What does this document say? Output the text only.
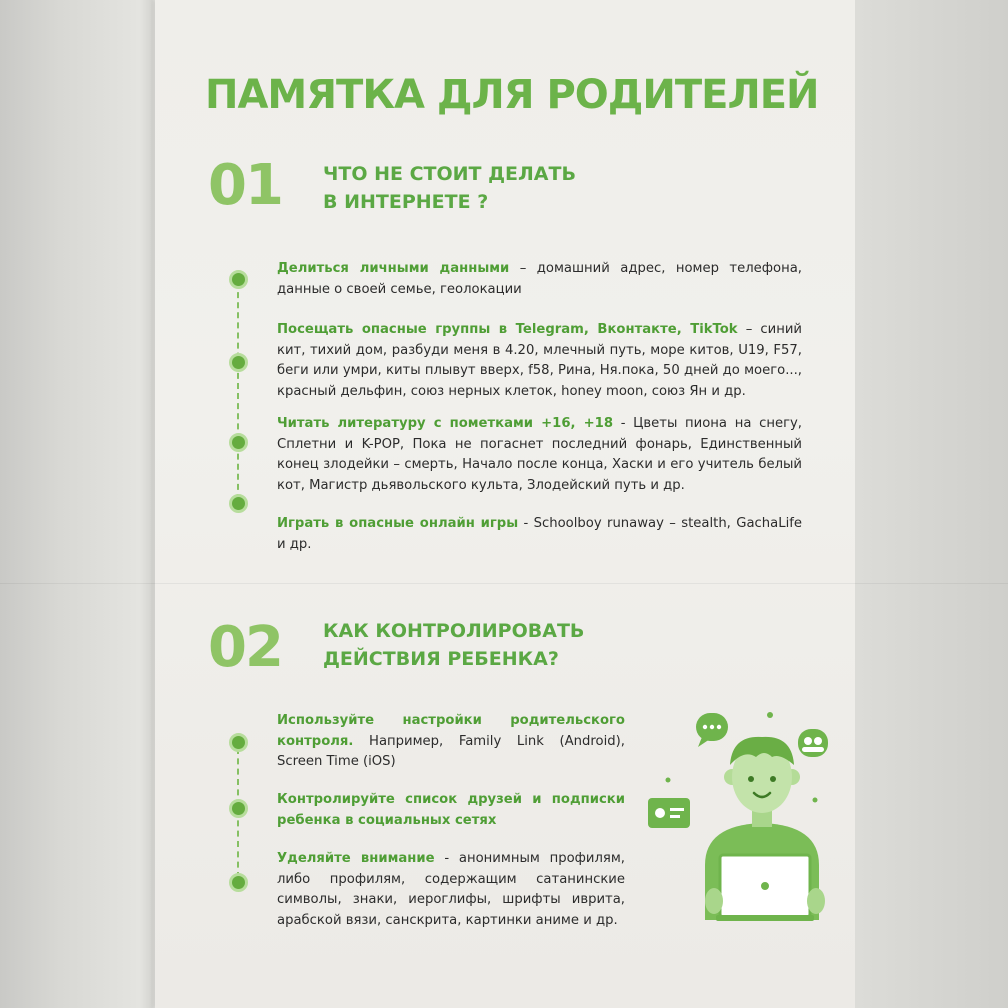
ПАМЯТКА ДЛЯ РОДИТЕЛЕЙ
01 ЧТО НЕ СТОИТ ДЕЛАТЬ
В ИНТЕРНЕТЕ ?
Делиться личными данными – домашний адрес, номер телефона, данные о своей семье, геолокации
Посещать опасные группы в Telegram, Вконтакте, TikTok – синий кит, тихий дом, разбуди меня в 4.20, млечный путь, море китов, U19, F57, беги или умри, киты плывут вверх, f58, Рина, Ня.пока, 50 дней до моего..., красный дельфин, союз нерных клеток, honey moon, союз Ян и др.
Читать литературу с пометками +16, +18 - Цветы пиона на снегу, Сплетни и K-POP, Пока не погаснет последний фонарь, Единственный конец злодейки – смерть, Начало после конца, Хаски и его учитель белый кот, Магистр дьявольского культа, Злодейский путь и др.
Играть в опасные онлайн игры - Schoolboy runaway – stealth, GachaLife и др.
02 КАК КОНТРОЛИРОВАТЬ
ДЕЙСТВИЯ РЕБЕНКА?
Используйте настройки родительского контроля. Например, Family Link (Android), Screen Time (iOS)
Контролируйте список друзей и подписки ребенка в социальных сетях
Уделяйте внимание - анонимным профилям, либо профилям, содержащим сатанинские символы, знаки, иероглифы, шрифты иврита, арабской вязи, санскрита, картинки аниме и др.
